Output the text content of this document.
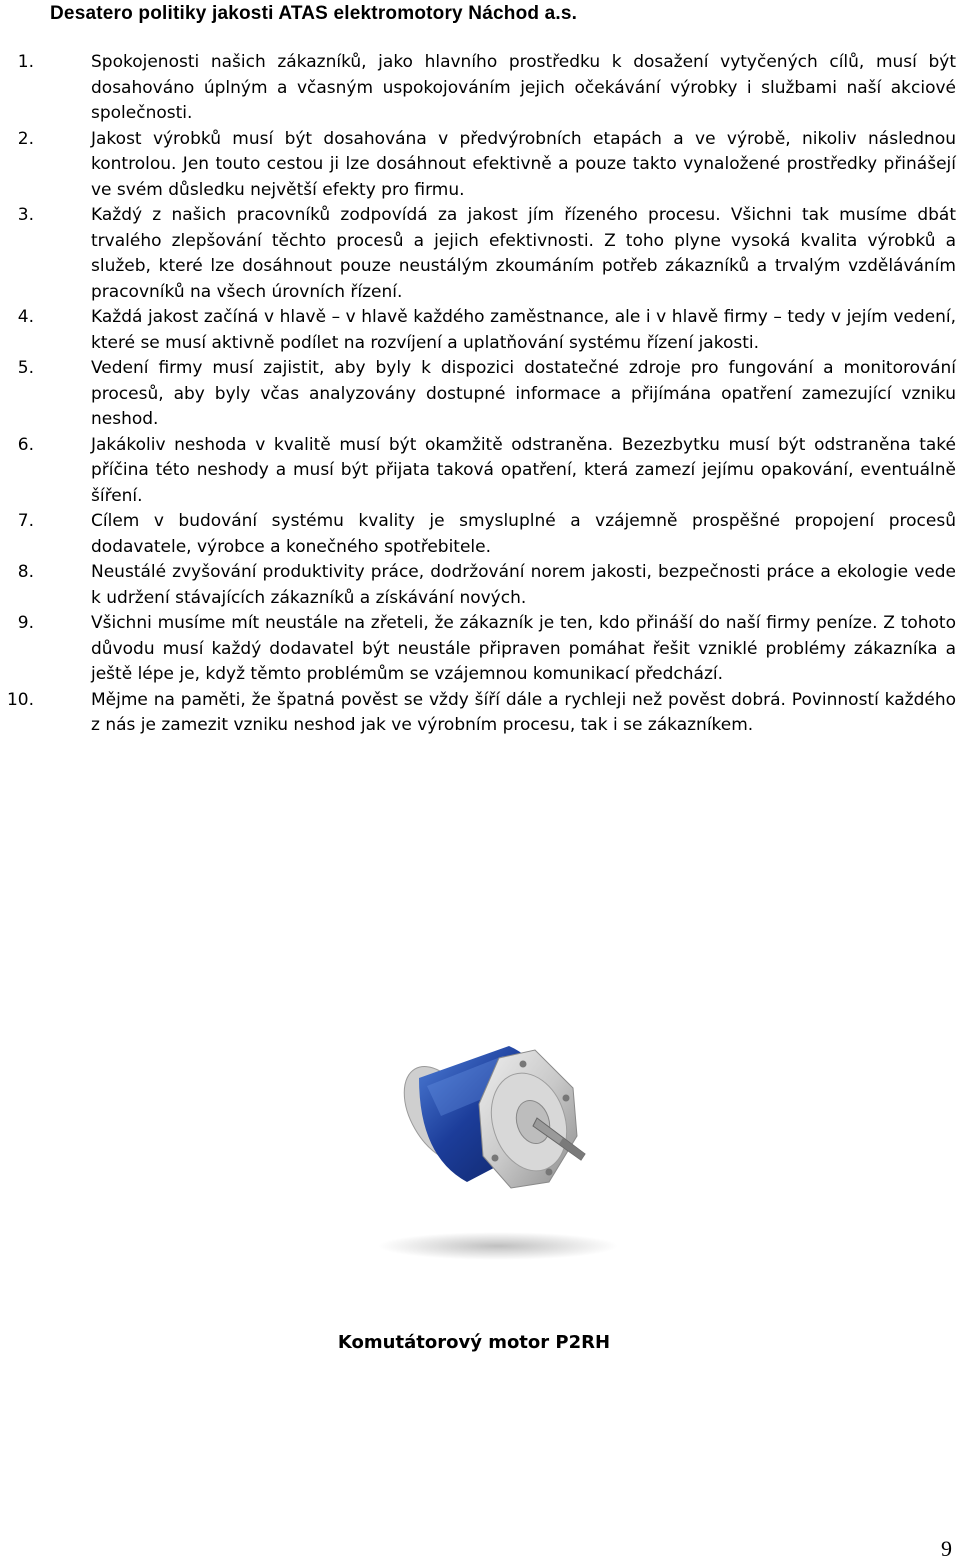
Desatero politiky jakosti ATAS elektromotory Náchod a.s.
1.	Spokojenosti našich zákazníků, jako hlavního prostředku k dosažení vytyčených cílů, musí být dosahováno úplným a včasným uspokojováním jejich očekávání výrobky i službami naší akciové společnosti.
2.	Jakost výrobků musí být dosahována v předvýrobních etapách a ve výrobě, nikoliv následnou kontrolou. Jen touto cestou ji lze dosáhnout efektivně a pouze takto vynaložené prostředky přinášejí ve svém důsledku největší efekty pro firmu.
3.	Každý z našich pracovníků zodpovídá za jakost jím řízeného procesu. Všichni tak musíme dbát trvalého zlepšování těchto procesů a jejich efektivnosti. Z toho plyne vysoká kvalita výrobků a služeb, které lze dosáhnout pouze neustálým zkoumáním potřeb zákazníků a trvalým vzděláváním pracovníků na všech úrovních řízení.
4.	Každá jakost začíná v hlavě – v hlavě každého zaměstnance, ale i v hlavě firmy – tedy v jejím vedení, které se musí aktivně podílet na rozvíjení a uplatňování systému řízení jakosti.
5.	Vedení firmy musí zajistit, aby byly k dispozici dostatečné zdroje pro fungování a monitorování procesů, aby byly včas analyzovány dostupné informace a přijímána opatření zamezující vzniku neshod.
6.	Jakákoliv neshoda v kvalitě musí být okamžitě odstraněna. Bezezbytku musí být odstraněna také příčina této neshody a musí být přijata taková opatření, která zamezí jejímu opakování, eventuálně šíření.
7.	Cílem v budování systému kvality je smysluplné a vzájemně prospěšné propojení procesů dodavatele, výrobce a konečného spotřebitele.
8.	Neustálé zvyšování produktivity práce, dodržování norem jakosti, bezpečnosti práce a ekologie vede k udržení stávajících zákazníků a získávání nových.
9.	Všichni musíme mít neustále na zřeteli, že zákazník je ten, kdo přináší do naší firmy peníze. Z tohoto důvodu musí každý dodavatel být neustále připraven pomáhat řešit vzniklé problémy zákazníka a ještě lépe je, když těmto problémům se vzájemnou komunikací předchází.
10.	Mějme na paměti, že špatná pověst se vždy šíří dále a rychleji než pověst dobrá. Povinností každého z nás je zamezit vzniku neshod jak ve výrobním procesu, tak i se zákazníkem.
Komutátorový motor P2RH
9
